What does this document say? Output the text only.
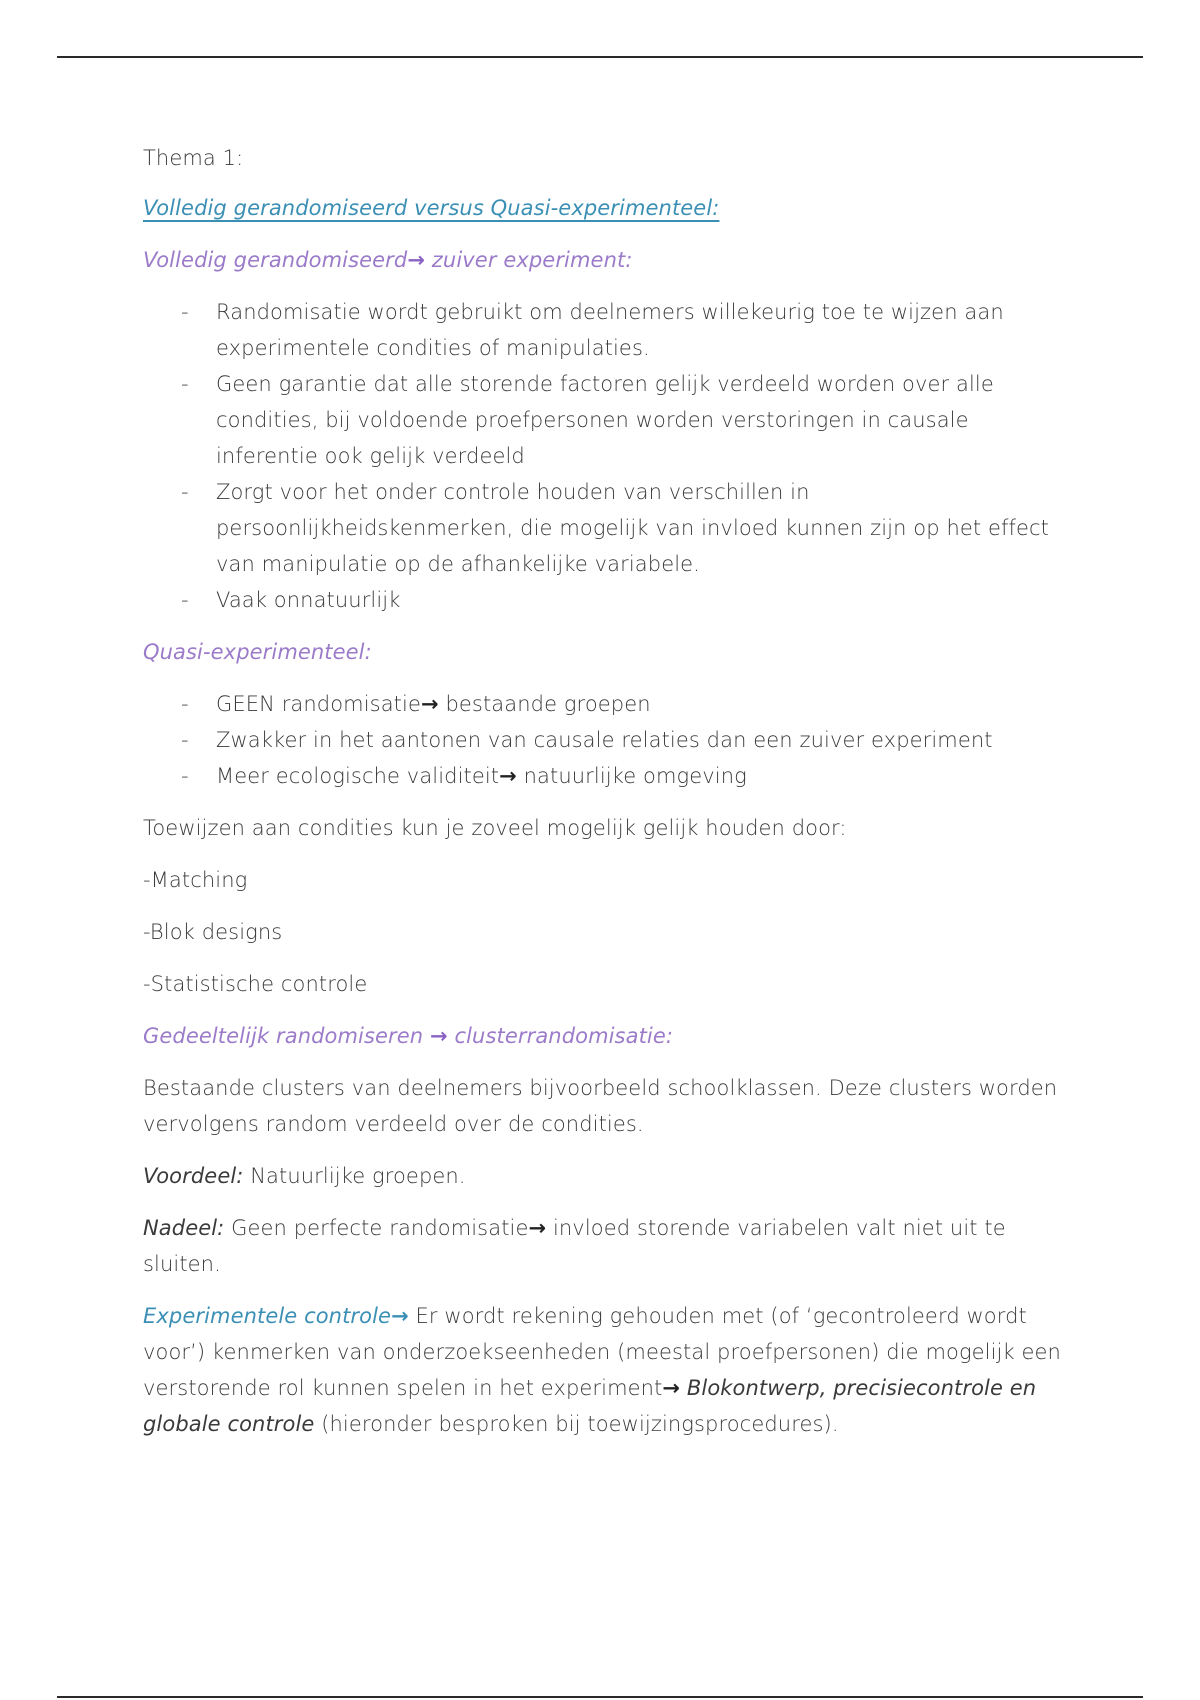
Thema 1:

Volledig gerandomiseerd versus Quasi-experimenteel:

Volledig gerandomiseerd→ zuiver experiment:

- Randomisatie wordt gebruikt om deelnemers willekeurig toe te wijzen aan experimentele condities of manipulaties.
- Geen garantie dat alle storende factoren gelijk verdeeld worden over alle condities, bij voldoende proefpersonen worden verstoringen in causale inferentie ook gelijk verdeeld
- Zorgt voor het onder controle houden van verschillen in persoonlijkheidskenmerken, die mogelijk van invloed kunnen zijn op het effect van manipulatie op de afhankelijke variabele.
- Vaak onnatuurlijk

Quasi-experimenteel:

- GEEN randomisatie→ bestaande groepen
- Zwakker in het aantonen van causale relaties dan een zuiver experiment
- Meer ecologische validiteit→ natuurlijke omgeving

Toewijzen aan condities kun je zoveel mogelijk gelijk houden door:

-Matching

-Blok designs

-Statistische controle

Gedeeltelijk randomiseren → clusterrandomisatie:

Bestaande clusters van deelnemers bijvoorbeeld schoolklassen. Deze clusters worden vervolgens random verdeeld over de condities.

Voordeel: Natuurlijke groepen.

Nadeel: Geen perfecte randomisatie→ invloed storende variabelen valt niet uit te sluiten.

Experimentele controle→ Er wordt rekening gehouden met (of ‘gecontroleerd wordt voor’) kenmerken van onderzoekseenheden (meestal proefpersonen) die mogelijk een verstorende rol kunnen spelen in het experiment→ Blokontwerp, precisiecontrole en globale controle (hieronder besproken bij toewijzingsprocedures).
